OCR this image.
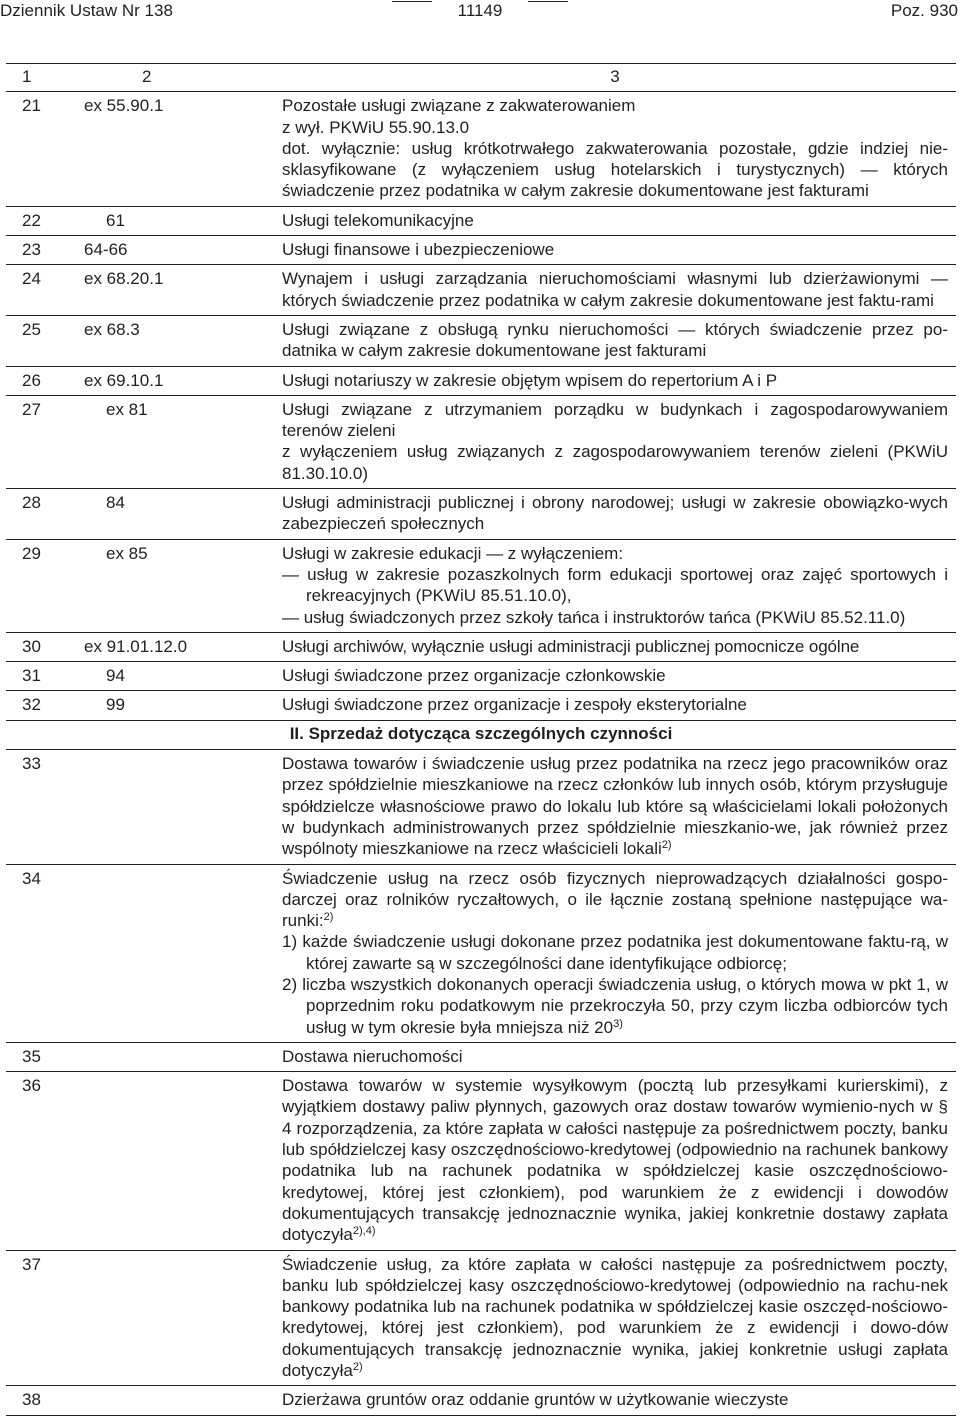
Dziennik Ustaw Nr 138	11149	Poz. 930
1	2	3
21	ex 55.90.1	Pozostałe usługi związane z zakwaterowaniem
z wył. PKWiU 55.90.13.0
dot. wyłącznie: usług krótkotrwałego zakwaterowania pozostałe, gdzie indziej nie-sklasyfikowane (z wyłączeniem usług hotelarskich i turystycznych) — których świadczenie przez podatnika w całym zakresie dokumentowane jest fakturami

22	61	Usługi telekomunikacyjne
23	64-66	Usługi finansowe i ubezpieczeniowe
24	ex 68.20.1	Wynajem i usługi zarządzania nieruchomościami własnymi lub dzierżawionymi — których świadczenie przez podatnika w całym zakresie dokumentowane jest faktu-rami
25	ex 68.3	Usługi związane z obsługą rynku nieruchomości — których świadczenie przez po-datnika w całym zakresie dokumentowane jest fakturami
26	ex 69.10.1	Usługi notariuszy w zakresie objętym wpisem do repertorium A i P
27	ex 81	Usługi związane z utrzymaniem porządku w budynkach i zagospodarowywaniem terenów zieleni
z wyłączeniem usług związanych z zagospodarowywaniem terenów zieleni (PKWiU 81.30.10.0)

28	84	Usługi administracji publicznej i obrony narodowej; usługi w zakresie obowiązko-wych zabezpieczeń społecznych
29	ex 85	Usługi w zakresie edukacji — z wyłączeniem:
— usług w zakresie pozaszkolnych form edukacji sportowej oraz zajęć sportowych i rekreacyjnych (PKWiU 85.51.10.0),
— usług świadczonych przez szkoły tańca i instruktorów tańca (PKWiU 85.52.11.0)

30	ex 91.01.12.0	Usługi archiwów, wyłącznie usługi administracji publicznej pomocnicze ogólne
31	94	Usługi świadczone przez organizacje członkowskie
32	99	Usługi świadczone przez organizacje i zespoły eksterytorialne
II. Sprzedaż dotycząca szczególnych czynności		
33		Dostawa towarów i świadczenie usług przez podatnika na rzecz jego pracowników oraz przez spółdzielnie mieszkaniowe na rzecz członków lub innych osób, którym przysługuje spółdzielcze własnościowe prawo do lokalu lub które są właścicielami lokali położonych w budynkach administrowanych przez spółdzielnie mieszkanio-we, jak również przez wspólnoty mieszkaniowe na rzecz właścicieli lokali$^{2)}$
34		Świadczenie usług na rzecz osób fizycznych nieprowadzących działalności gospo-darczej oraz rolników ryczałtowych, o ile łącznie zostaną spełnione następujące wa-runki:$^{2)}$
1) każde świadczenie usługi dokonane przez podatnika jest dokumentowane faktu-rą, w której zawarte są w szczególności dane identyfikujące odbiorcę;
2) liczba wszystkich dokonanych operacji świadczenia usług, o których mowa w pkt 1, w poprzednim roku podatkowym nie przekroczyła 50, przy czym liczba odbiorców tych usług w tym okresie była mniejsza niż 20$^{3)}$

35		Dostawa nieruchomości
36		Dostawa towarów w systemie wysyłkowym (pocztą lub przesyłkami kurierskimi), z wyjątkiem dostawy paliw płynnych, gazowych oraz dostaw towarów wymienio-nych w § 4 rozporządzenia, za które zapłata w całości następuje za pośrednictwem poczty, banku lub spółdzielczej kasy oszczędnościowo-kredytowej (odpowiednio na rachunek bankowy podatnika lub na rachunek podatnika w spółdzielczej kasie oszczędnościowo-kredytowej, której jest członkiem), pod warunkiem że z ewidencji i dowodów dokumentujących transakcję jednoznacznie wynika, jakiej konkretnie dostawy zapłata dotyczyła$^{2),4)}$
37		Świadczenie usług, za które zapłata w całości następuje za pośrednictwem poczty, banku lub spółdzielczej kasy oszczędnościowo-kredytowej (odpowiednio na rachu-nek bankowy podatnika lub na rachunek podatnika w spółdzielczej kasie oszczęd-nościowo-kredytowej, której jest członkiem), pod warunkiem że z ewidencji i dowo-dów dokumentujących transakcję jednoznacznie wynika, jakiej konkretnie usługi zapłata dotyczyła$^{2)}$
38		Dzierżawa gruntów oraz oddanie gruntów w użytkowanie wieczyste
